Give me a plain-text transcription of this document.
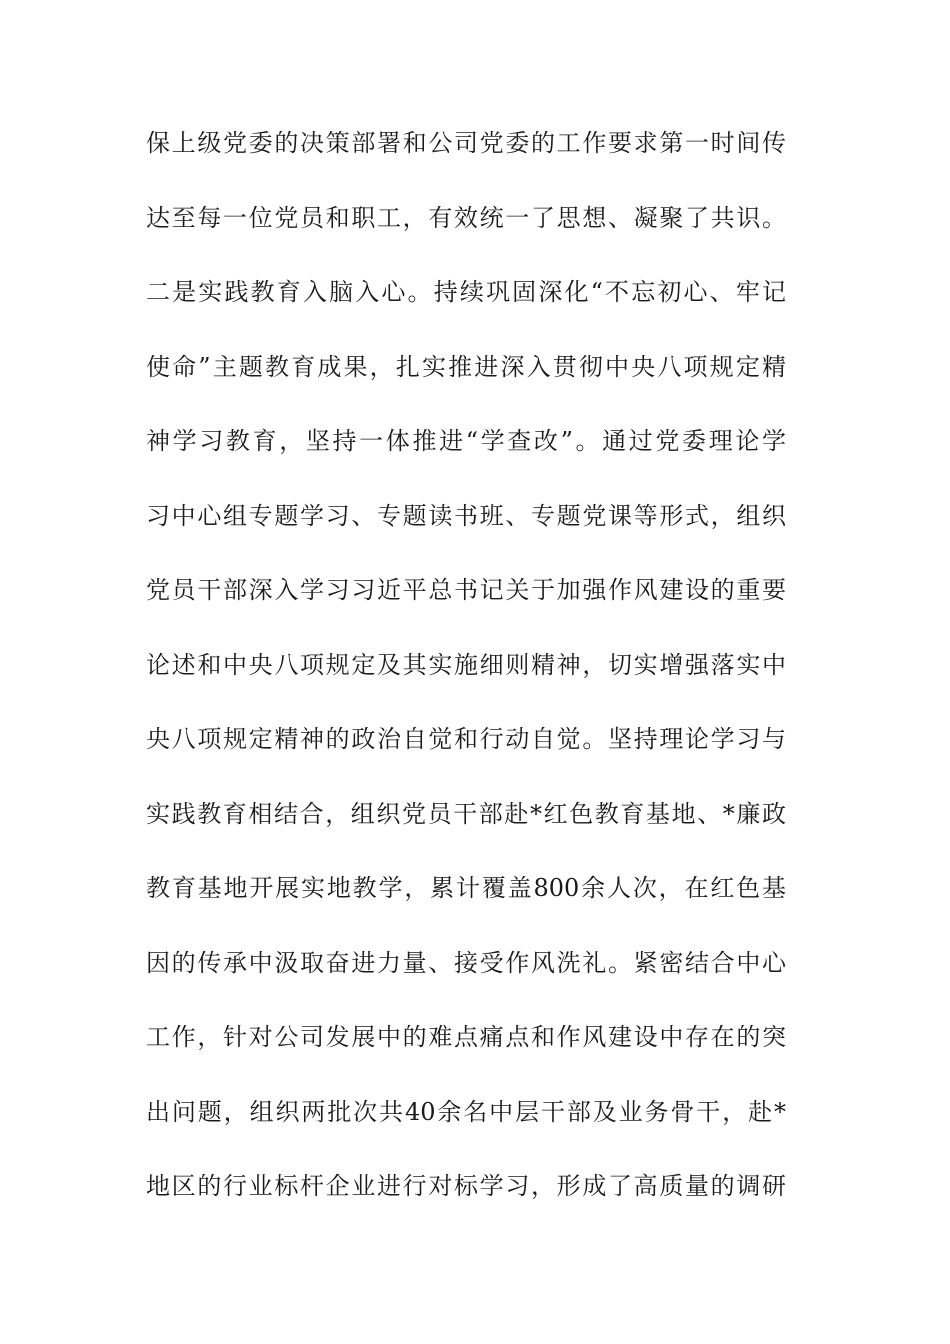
保上级党委的决策部署和公司党委的工作要求第一时间传
达至每一位党员和职工，有效统一了思想、凝聚了共识。
二是实践教育入脑入心。持续巩固深化“不忘初心、牢记
使命”主题教育成果，扎实推进深入贯彻中央八项规定精
神学习教育，坚持一体推进“学查改”。通过党委理论学
习中心组专题学习、专题读书班、专题党课等形式，组织
党员干部深入学习习近平总书记关于加强作风建设的重要
论述和中央八项规定及其实施细则精神，切实增强落实中
央八项规定精神的政治自觉和行动自觉。坚持理论学习与
实践教育相结合，组织党员干部赴*红色教育基地、*廉政
教育基地开展实地教学，累计覆盖800余人次，在红色基
因的传承中汲取奋进力量、接受作风洗礼。紧密结合中心
工作，针对公司发展中的难点痛点和作风建设中存在的突
出问题，组织两批次共40余名中层干部及业务骨干，赴*
地区的行业标杆企业进行对标学习，形成了高质量的调研
